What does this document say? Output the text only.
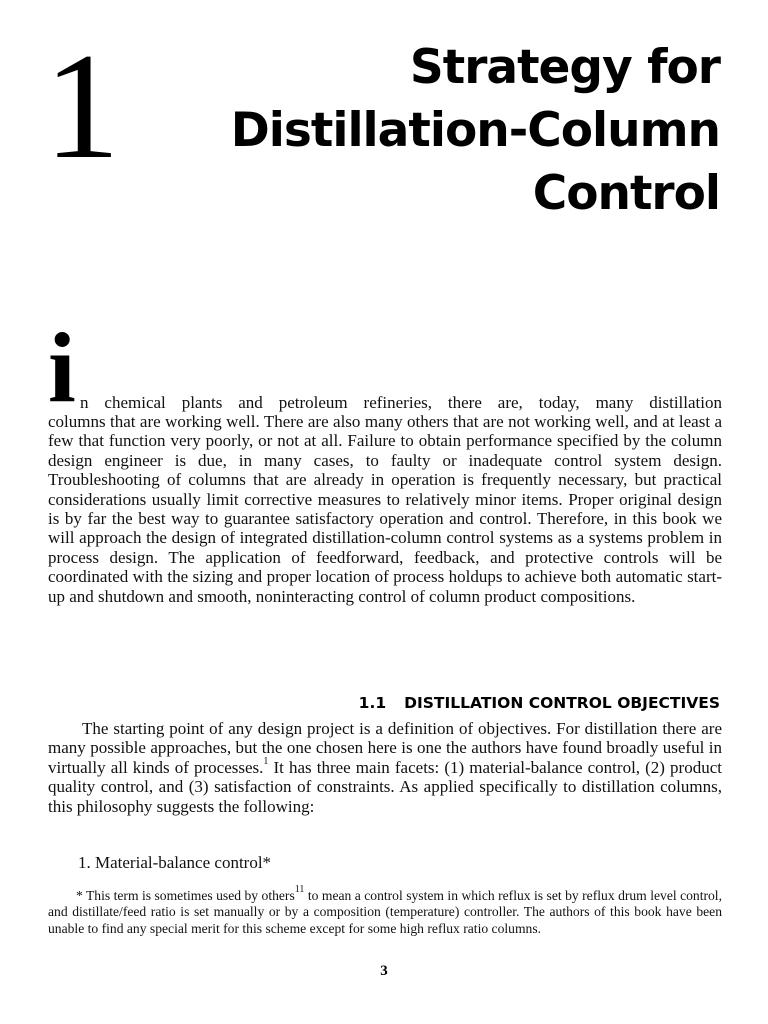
1	Strategy for
Distillation-Column
Control
i n chemical plants and petroleum refineries, there are, today, many distillation
columns that are working well. There are also many others that are not working well, and at least a few that function very poorly, or not at all. Failure to obtain performance specified by the column design engineer is due, in many cases, to faulty or inadequate control system design. Troubleshooting of columns that are already in operation is frequently necessary, but practical considerations usually limit corrective measures to relatively minor items. Proper original design is by far the best way to guarantee satisfactory operation and control. Therefore, in this book we will approach the design of integrated distillation-column control systems as a systems problem in process design. The application of feedforward, feedback, and protective controls will be coordinated with the sizing and proper location of process holdups to achieve both automatic start-up and shutdown and smooth, noninteracting control of column product compositions.
1.1 DISTILLATION CONTROL OBJECTIVES
The starting point of any design project is a definition of objectives. For distillation there are many possible approaches, but the one chosen here is one the authors have found broadly useful in virtually all kinds of processes.$^1$ It has three main facets: (1) material-balance control, (2) product quality control, and (3) satisfaction of constraints. As applied specifically to distillation columns, this philosophy suggests the following:
1. Material-balance control*
* This term is sometimes used by others$^{11}$ to mean a control system in which reflux is set by reflux drum level control, and distillate/feed ratio is set manually or by a composition (temperature) controller. The authors of this book have been unable to find any special merit for this scheme except for some high reflux ratio columns.
3
